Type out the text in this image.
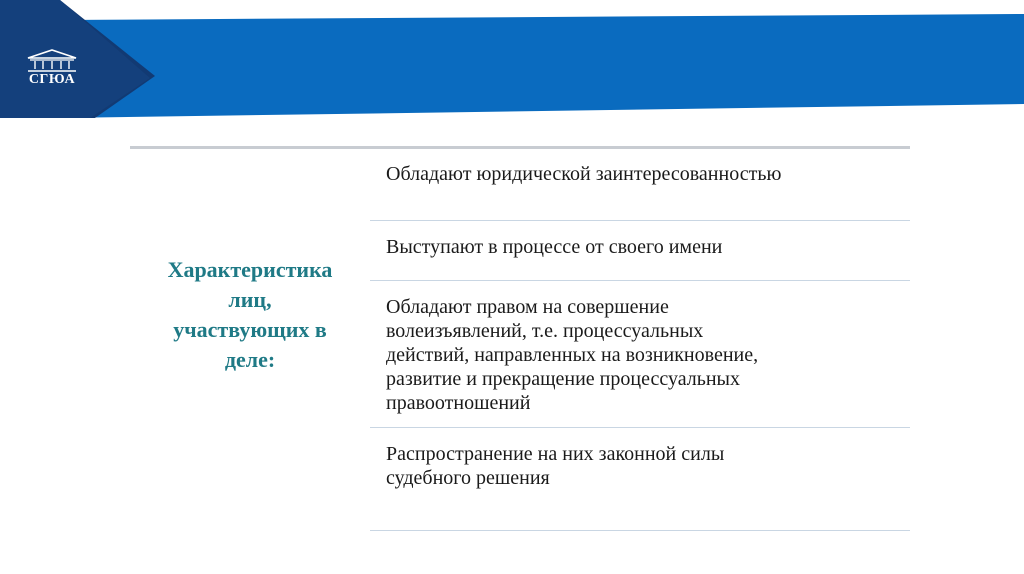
СГЮА
Характеристика
лиц,
участвующих в
деле:
Обладают юридической заинтересованностью
Выступают в процессе от своего имени
Обладают правом на совершение
волеизъявлений, т.е. процессуальных
действий, направленных на возникновение,
развитие и прекращение процессуальных
правоотношений
Распространение на них законной силы
судебного решения
